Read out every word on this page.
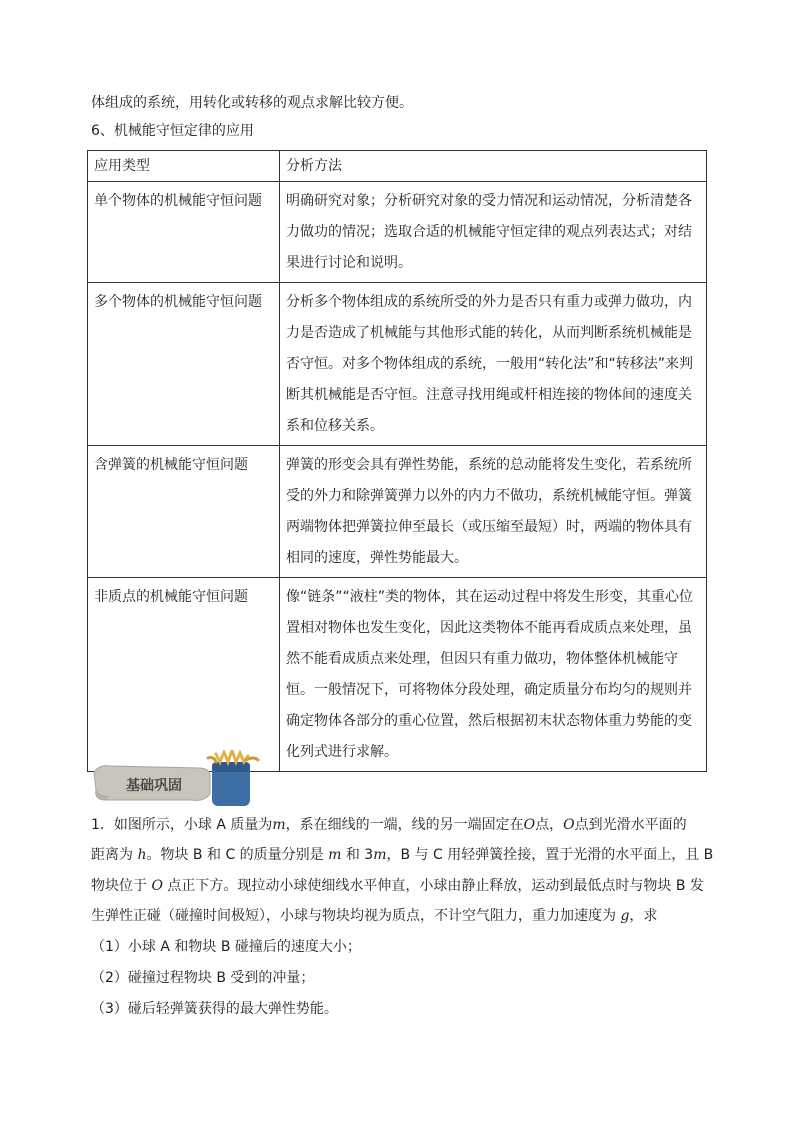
体组成的系统，用转化或转移的观点求解比较方便。
6、机械能守恒定律的应用
应用类型	分析方法
单个物体的机械能守恒问题	明确研究对象；分析研究对象的受力情况和运动情况，分析清楚各力做功的情况；选取合适的机械能守恒定律的观点列表达式；对结果进行讨论和说明。
多个物体的机械能守恒问题	分析多个物体组成的系统所受的外力是否只有重力或弹力做功，内力是否造成了机械能与其他形式能的转化，从而判断系统机械能是否守恒。对多个物体组成的系统，一般用“转化法”和“转移法”来判断其机械能是否守恒。注意寻找用绳或杆相连接的物体间的速度关系和位移关系。
含弹簧的机械能守恒问题	弹簧的形变会具有弹性势能，系统的总动能将发生变化，若系统所受的外力和除弹簧弹力以外的内力不做功，系统机械能守恒。弹簧两端物体把弹簧拉伸至最长（或压缩至最短）时，两端的物体具有相同的速度，弹性势能最大。
非质点的机械能守恒问题	像“链条”“液柱”类的物体，其在运动过程中将发生形变，其重心位置相对物体也发生变化，因此这类物体不能再看成质点来处理，虽然不能看成质点来处理，但因只有重力做功，物体整体机械能守恒。一般情况下，可将物体分段处理，确定质量分布均匀的规则并确定物体各部分的重心位置，然后根据初末状态物体重力势能的变化列式进行求解。
基础巩固
1．如图所示，小球 A 质量为m，系在细线的一端，线的另一端固定在O点，O点到光滑水平面的
距离为 h。物块 B 和 C 的质量分别是 m 和 3m，B 与 C 用轻弹簧拴接，置于光滑的水平面上，且 B
物块位于 O 点正下方。现拉动小球使细线水平伸直，小球由静止释放，运动到最低点时与物块 B 发
生弹性正碰（碰撞时间极短），小球与物块均视为质点，不计空气阻力，重力加速度为 g，求
（1）小球 A 和物块 B 碰撞后的速度大小；
（2）碰撞过程物块 B 受到的冲量；
（3）碰后轻弹簧获得的最大弹性势能。
